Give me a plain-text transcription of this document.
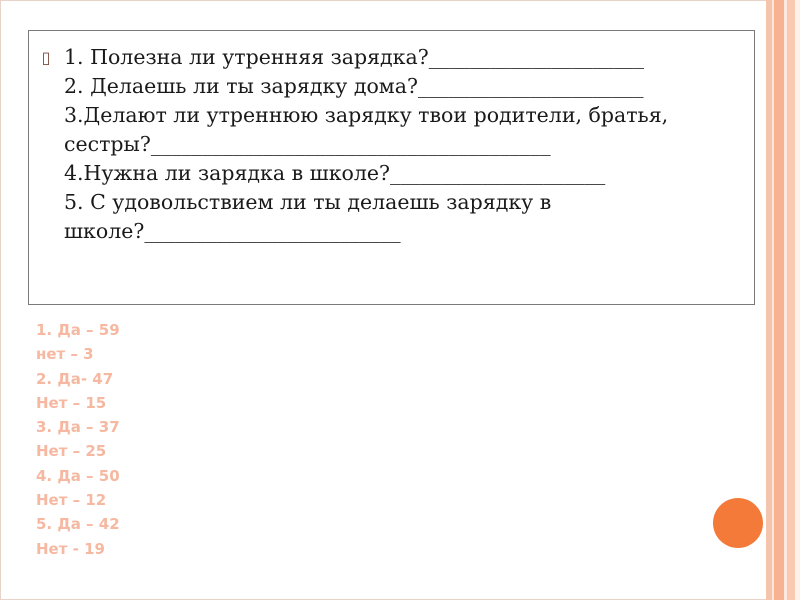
▯ 1. Полезна ли утренняя зарядка?_____________________
2. Делаешь ли ты зарядку дома?______________________
3.Делают ли утреннюю зарядку твои родители, братья,
сестры?_______________________________________
4.Нужна ли зарядка в школе?_____________________
5. С удовольствием ли ты делаешь зарядку в
школе?_________________________
1. Да – 59
нет – 3
2. Да- 47
Нет – 15
3. Да – 37
Нет – 25
4. Да – 50
Нет – 12
5. Да – 42
Нет - 19
